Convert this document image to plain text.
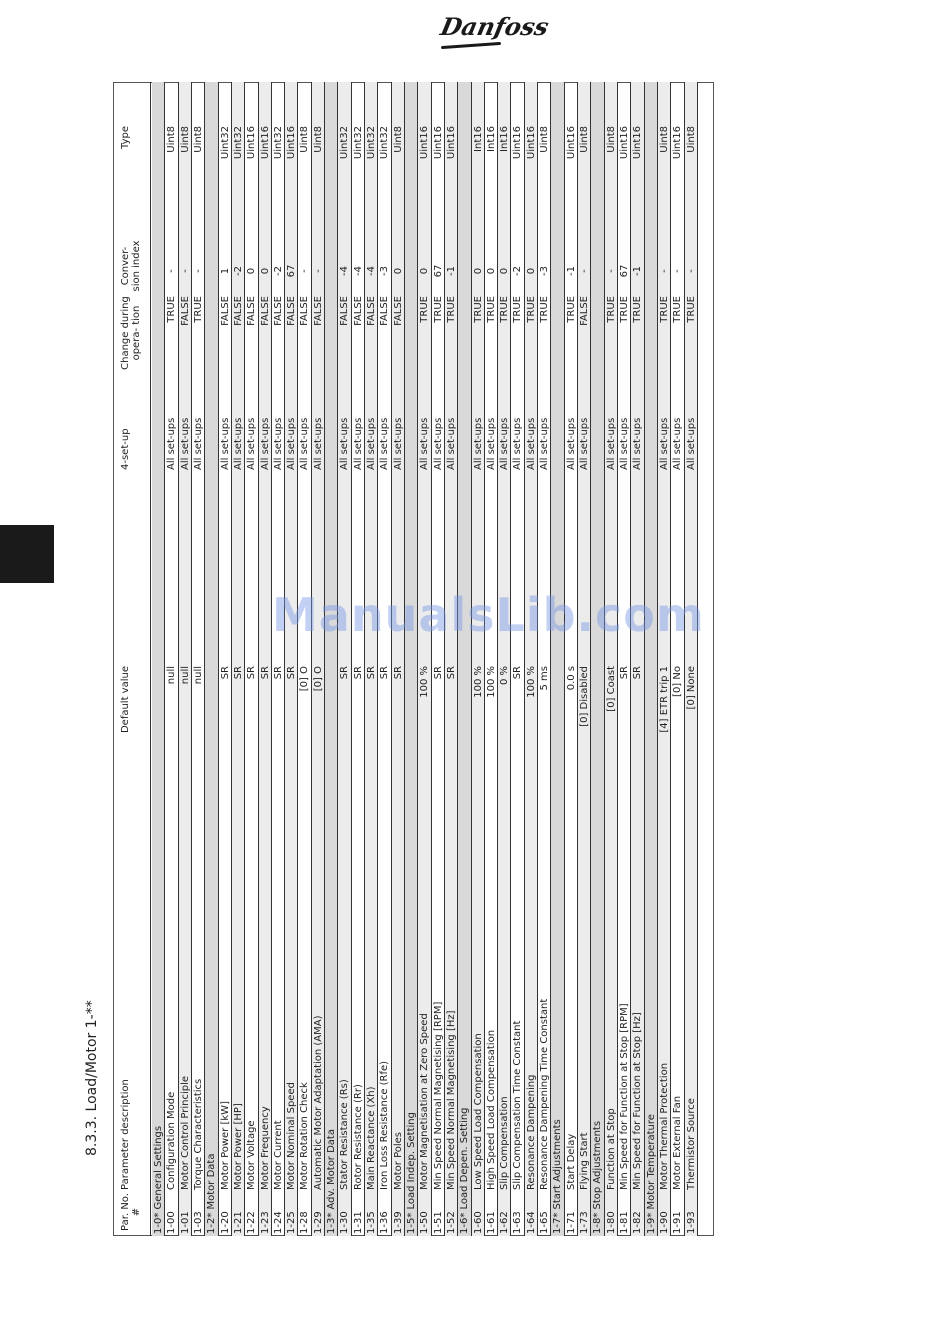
Danfoss
8.3.3. Load/Motor 1-**
Par. No. #
Parameter description
Default value
4-set-up
Change during opera- tion
Conver- sion index
Type
1-0* General Settings 1-00
Configuration Mode
null
All set-ups
TRUE
-
Uint8
1-01
Motor Control Principle
null
All set-ups
FALSE
-
Uint8
1-03
Torque Characteristics
null
All set-ups
TRUE
-
Uint8
1-2* Motor Data 1-20
Motor Power [kW]
SR
All set-ups
FALSE
1
Uint32
1-21
Motor Power [HP]
SR
All set-ups
FALSE
-2
Uint32
1-22
Motor Voltage
SR
All set-ups
FALSE
0
Uint16
1-23
Motor Frequency
SR
All set-ups
FALSE
0
Uint16
1-24
Motor Current
SR
All set-ups
FALSE
-2
Uint32
1-25
Motor Nominal Speed
SR
All set-ups
FALSE
67
Uint16
1-28
Motor Rotation Check
[0] O
All set-ups
FALSE
-
Uint8
1-29
Automatic Motor Adaptation (AMA)
[0] O
All set-ups
FALSE
-
Uint8
1-3* Adv. Motor Data 1-30
Stator Resistance (Rs)
SR
All set-ups
FALSE
-4
Uint32
1-31
Rotor Resistance (Rr)
SR
All set-ups
FALSE
-4
Uint32
1-35
Main Reactance (Xh)
SR
All set-ups
FALSE
-4
Uint32
1-36
Iron Loss Resistance (Rfe)
SR
All set-ups
FALSE
-3
Uint32
1-39
Motor Poles
SR
All set-ups
FALSE
0
Uint8
1-5* Load Indep. Setting 1-50
Motor Magnetisation at Zero Speed
100 %
All set-ups
TRUE
0
Uint16
1-51
Min Speed Normal Magnetising [RPM]
SR
All set-ups
TRUE
67
Uint16
1-52
Min Speed Normal Magnetising [Hz]
SR
All set-ups
TRUE
-1
Uint16
1-6* Load Depen. Setting 1-60
Low Speed Load Compensation
100 %
All set-ups
TRUE
0
Int16
1-61
High Speed Load Compensation
100 %
All set-ups
TRUE
0
Int16
1-62
Slip Compensation
0 %
All set-ups
TRUE
0
Int16
1-63
Slip Compensation Time Constant
SR
All set-ups
TRUE
-2
Uint16
1-64
Resonance Dampening
100 %
All set-ups
TRUE
0
Uint16
1-65
Resonance Dampening Time Constant
5 ms
All set-ups
TRUE
-3
Uint8
1-7* Start Adjustments 1-71
Start Delay
0.0 s
All set-ups
TRUE
-1
Uint16
1-73
Flying Start
[0] Disabled
All set-ups
FALSE
-
Uint8
1-8* Stop Adjustments 1-80
Function at Stop
[0] Coast
All set-ups
TRUE
-
Uint8
1-81
Min Speed for Function at Stop [RPM]
SR
All set-ups
TRUE
67
Uint16
1-82
Min Speed for Function at Stop [Hz]
SR
All set-ups
TRUE
-1
Uint16
1-9* Motor Temperature 1-90
Motor Thermal Protection
[4] ETR trip 1
All set-ups
TRUE
-
Uint8
1-91
Motor External Fan
[0] No
All set-ups
TRUE
-
Uint16
1-93
Thermistor Source
[0] None
All set-ups
TRUE
-
Uint8
ManualsLib.com
